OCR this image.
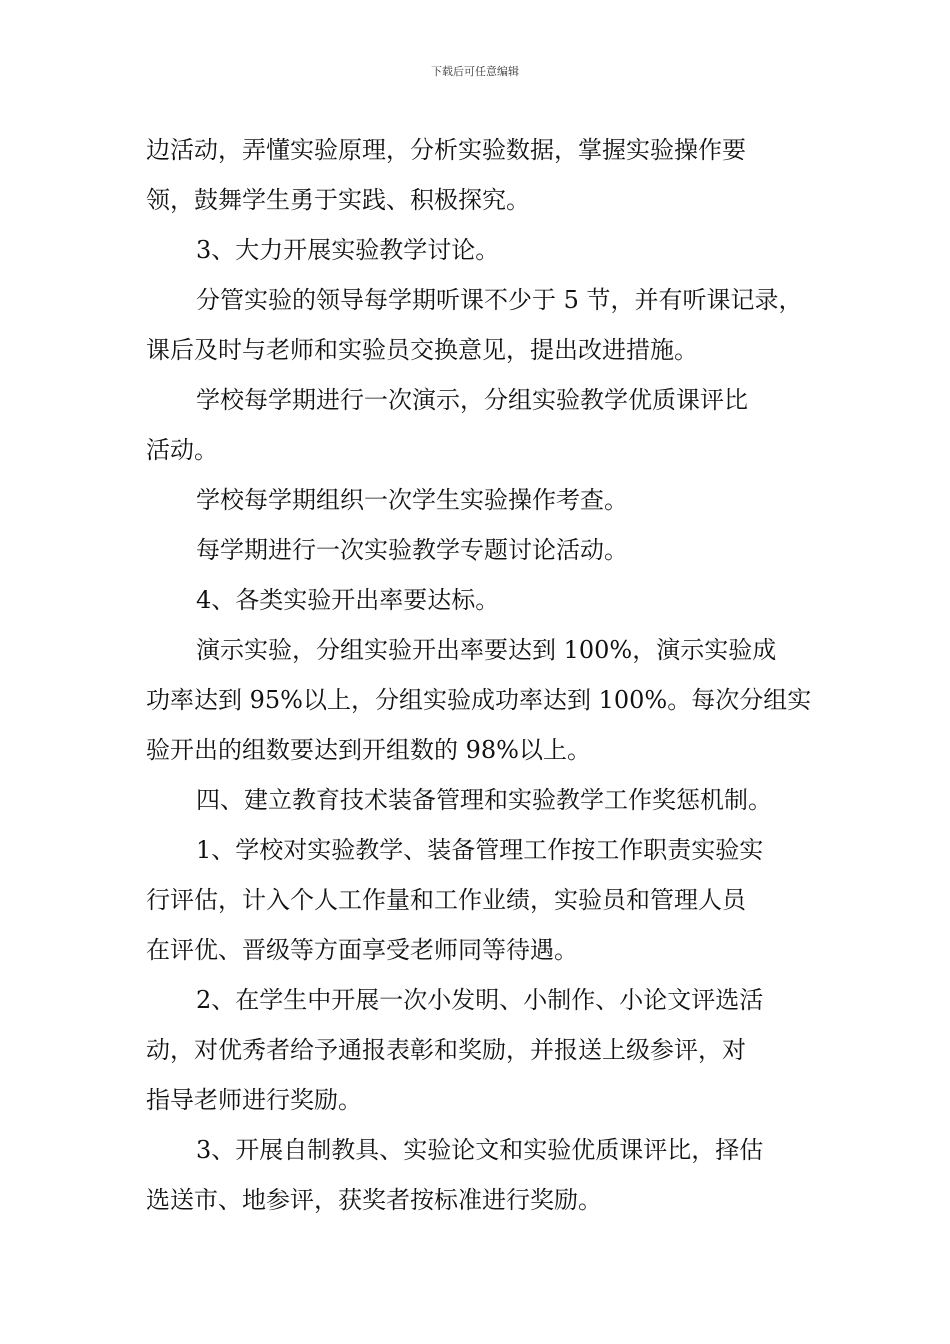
下载后可任意编辑
边活动，弄懂实验原理，分析实验数据，掌握实验操作要
领，鼓舞学生勇于实践、积极探究。
3、大力开展实验教学讨论。
分管实验的领导每学期听课不少于 5 节，并有听课记录，
课后及时与老师和实验员交换意见，提出改进措施。
学校每学期进行一次演示，分组实验教学优质课评比
活动。
学校每学期组织一次学生实验操作考查。
每学期进行一次实验教学专题讨论活动。
4、各类实验开出率要达标。
演示实验，分组实验开出率要达到 100%，演示实验成
功率达到 95%以上，分组实验成功率达到 100%。每次分组实
验开出的组数要达到开组数的 98%以上。
四、建立教育技术装备管理和实验教学工作奖惩机制。
1、学校对实验教学、装备管理工作按工作职责实验实
行评估，计入个人工作量和工作业绩，实验员和管理人员
在评优、晋级等方面享受老师同等待遇。
2、在学生中开展一次小发明、小制作、小论文评选活
动，对优秀者给予通报表彰和奖励，并报送上级参评，对
指导老师进行奖励。
3、开展自制教具、实验论文和实验优质课评比，择估
选送市、地参评，获奖者按标准进行奖励。
